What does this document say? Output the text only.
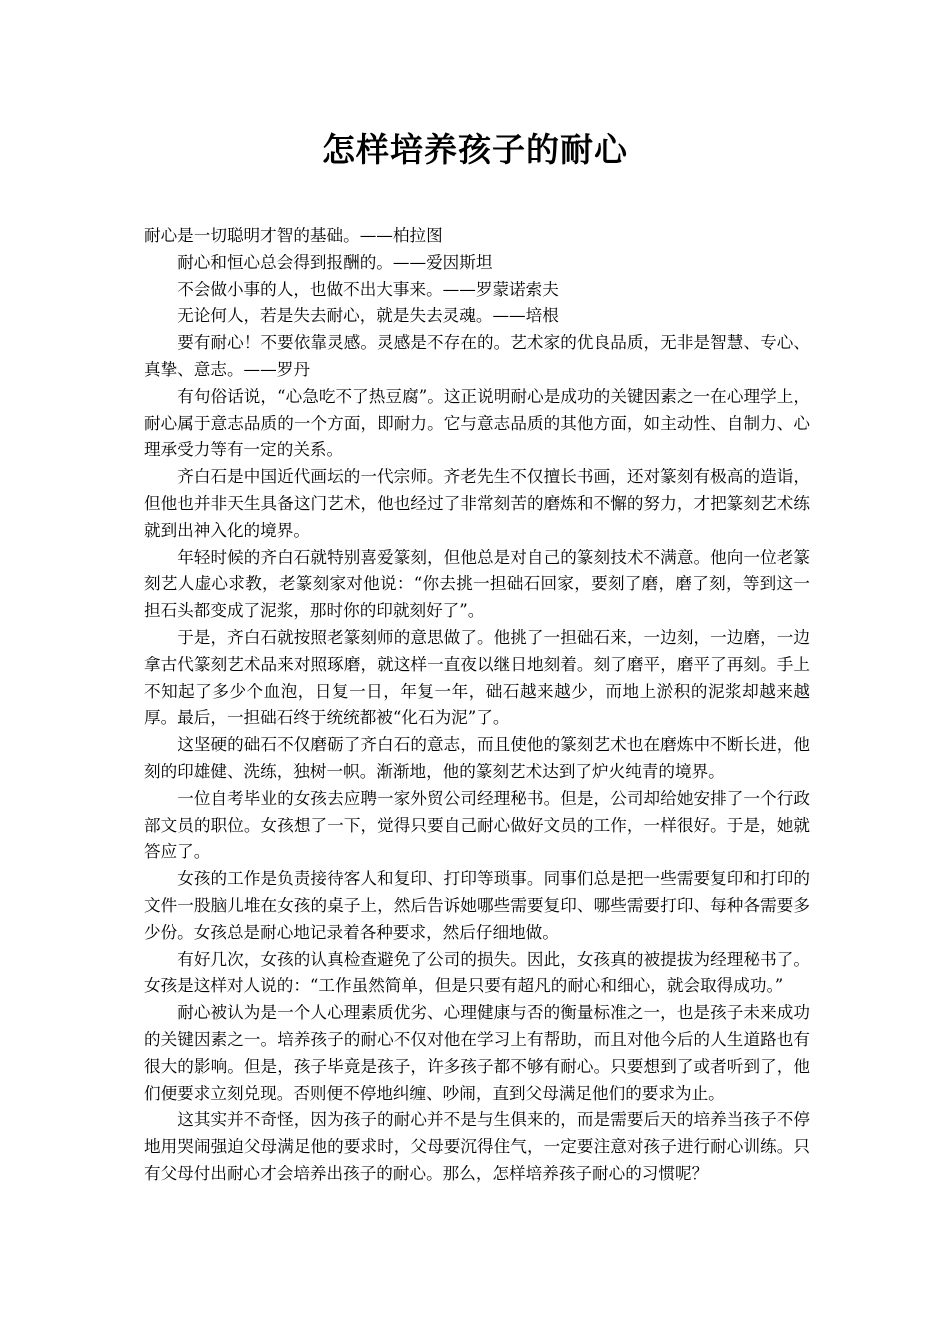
怎样培养孩子的耐心

耐心是一切聪明才智的基础。——柏拉图

耐心和恒心总会得到报酬的。——爱因斯坦

不会做小事的人，也做不出大事来。——罗蒙诺索夫

无论何人，若是失去耐心，就是失去灵魂。——培根

要有耐心！不要依靠灵感。灵感是不存在的。艺术家的优良品质，无非是智慧、专心、真挚、意志。——罗丹

有句俗话说，“心急吃不了热豆腐”。这正说明耐心是成功的关键因素之一在心理学上，耐心属于意志品质的一个方面，即耐力。它与意志品质的其他方面，如主动性、自制力、心理承受力等有一定的关系。

齐白石是中国近代画坛的一代宗师。齐老先生不仅擅长书画，还对篆刻有极高的造诣，但他也并非天生具备这门艺术，他也经过了非常刻苦的磨炼和不懈的努力，才把篆刻艺术练就到出神入化的境界。

年轻时候的齐白石就特别喜爱篆刻，但他总是对自己的篆刻技术不满意。他向一位老篆刻艺人虚心求教，老篆刻家对他说：“你去挑一担础石回家，要刻了磨，磨了刻，等到这一担石头都变成了泥浆，那时你的印就刻好了”。

于是，齐白石就按照老篆刻师的意思做了。他挑了一担础石来，一边刻，一边磨，一边拿古代篆刻艺术品来对照琢磨，就这样一直夜以继日地刻着。刻了磨平，磨平了再刻。手上不知起了多少个血泡，日复一日，年复一年，础石越来越少，而地上淤积的泥浆却越来越厚。最后，一担础石终于统统都被“化石为泥”了。

这坚硬的础石不仅磨砺了齐白石的意志，而且使他的篆刻艺术也在磨炼中不断长进，他刻的印雄健、洗练，独树一帜。渐渐地，他的篆刻艺术达到了炉火纯青的境界。

一位自考毕业的女孩去应聘一家外贸公司经理秘书。但是，公司却给她安排了一个行政部文员的职位。女孩想了一下，觉得只要自己耐心做好文员的工作，一样很好。于是，她就答应了。

女孩的工作是负责接待客人和复印、打印等琐事。同事们总是把一些需要复印和打印的文件一股脑儿堆在女孩的桌子上，然后告诉她哪些需要复印、哪些需要打印、每种各需要多少份。女孩总是耐心地记录着各种要求，然后仔细地做。

有好几次，女孩的认真检查避免了公司的损失。因此，女孩真的被提拔为经理秘书了。女孩是这样对人说的：“工作虽然简单，但是只要有超凡的耐心和细心，就会取得成功。”

耐心被认为是一个人心理素质优劣、心理健康与否的衡量标准之一，也是孩子未来成功的关键因素之一。培养孩子的耐心不仅对他在学习上有帮助，而且对他今后的人生道路也有很大的影响。但是，孩子毕竟是孩子，许多孩子都不够有耐心。只要想到了或者听到了，他们便要求立刻兑现。否则便不停地纠缠、吵闹，直到父母满足他们的要求为止。

这其实并不奇怪，因为孩子的耐心并不是与生俱来的，而是需要后天的培养当孩子不停地用哭闹强迫父母满足他的要求时，父母要沉得住气，一定要注意对孩子进行耐心训练。只有父母付出耐心才会培养出孩子的耐心。那么，怎样培养孩子耐心的习惯呢？
